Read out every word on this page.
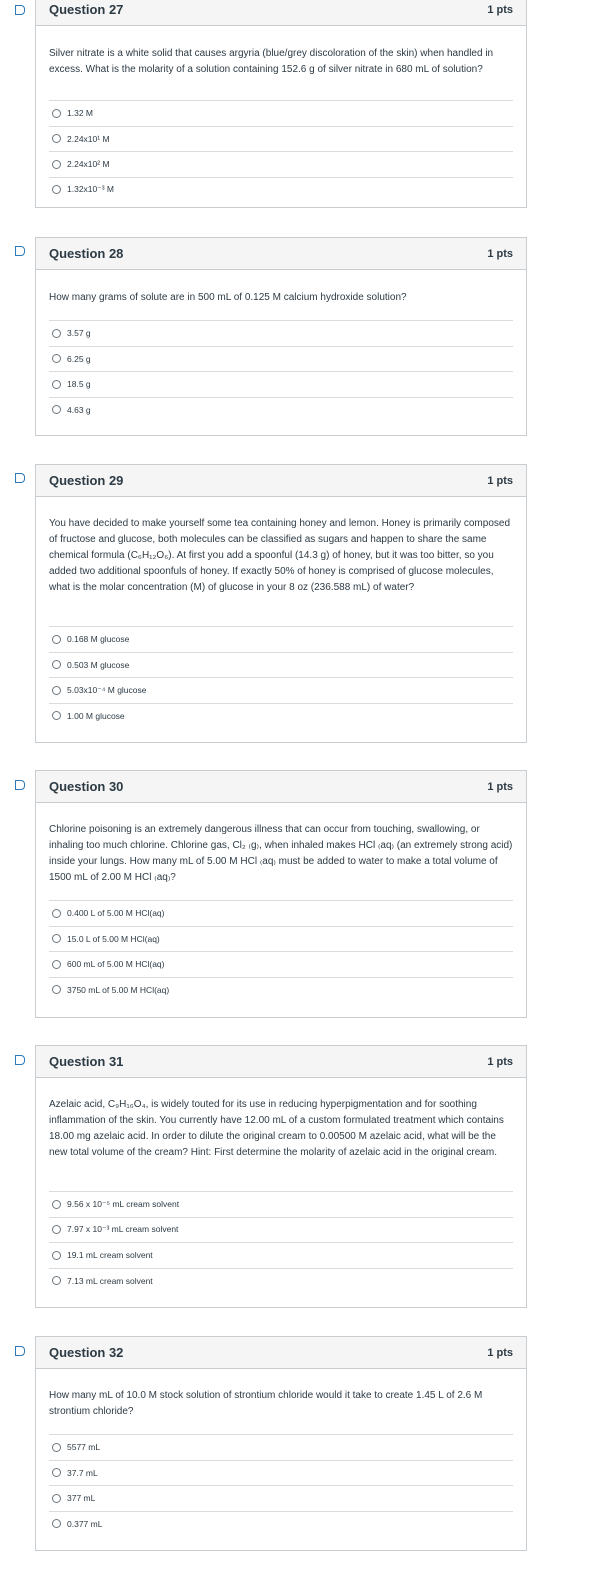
Question 27	1 pts
Silver nitrate is a white solid that causes argyria (blue/grey discoloration of the skin) when handled in excess. What is the molarity of a solution containing 152.6 g of silver nitrate in 680 mL of solution?
1.32 M
2.24x10¹ M
2.24x10² M
1.32x10⁻³ M
Question 28	1 pts
How many grams of solute are in 500 mL of 0.125 M calcium hydroxide solution?
3.57 g
6.25 g
18.5 g
4.63 g
Question 29	1 pts
You have decided to make yourself some tea containing honey and lemon. Honey is primarily composed of fructose and glucose, both molecules can be classified as sugars and happen to share the same chemical formula (C₆H₁₂O₆). At first you add a spoonful (14.3 g) of honey, but it was too bitter, so you added two additional spoonfuls of honey. If exactly 50% of honey is comprised of glucose molecules, what is the molar concentration (M) of glucose in your 8 oz (236.588 mL) of water?
0.168 M glucose
0.503 M glucose
5.03x10⁻⁴ M glucose
1.00 M glucose
Question 30	1 pts
Chlorine poisoning is an extremely dangerous illness that can occur from touching, swallowing, or inhaling too much chlorine. Chlorine gas, Cl₂ ₍g₎, when inhaled makes HCl ₍aq₎ (an extremely strong acid) inside your lungs. How many mL of 5.00 M HCl ₍aq₎ must be added to water to make a total volume of 1500 mL of 2.00 M HCl ₍aq₎?
0.400 L of 5.00 M HCl(aq)
15.0 L of 5.00 M HCl(aq)
600 mL of 5.00 M HCl(aq)
3750 mL of 5.00 M HCl(aq)
Question 31	1 pts
Azelaic acid, C₉H₁₆O₄, is widely touted for its use in reducing hyperpigmentation and for soothing inflammation of the skin. You currently have 12.00 mL of a custom formulated treatment which contains 18.00 mg azelaic acid. In order to dilute the original cream to 0.00500 M azelaic acid, what will be the new total volume of the cream? Hint: First determine the molarity of azelaic acid in the original cream.
9.56 x 10⁻⁵ mL cream solvent
7.97 x 10⁻³ mL cream solvent
19.1 mL cream solvent
7.13 mL cream solvent
Question 32	1 pts
How many mL of 10.0 M stock solution of strontium chloride would it take to create 1.45 L of 2.6 M strontium chloride?
5577 mL
37.7 mL
377 mL
0.377 mL
